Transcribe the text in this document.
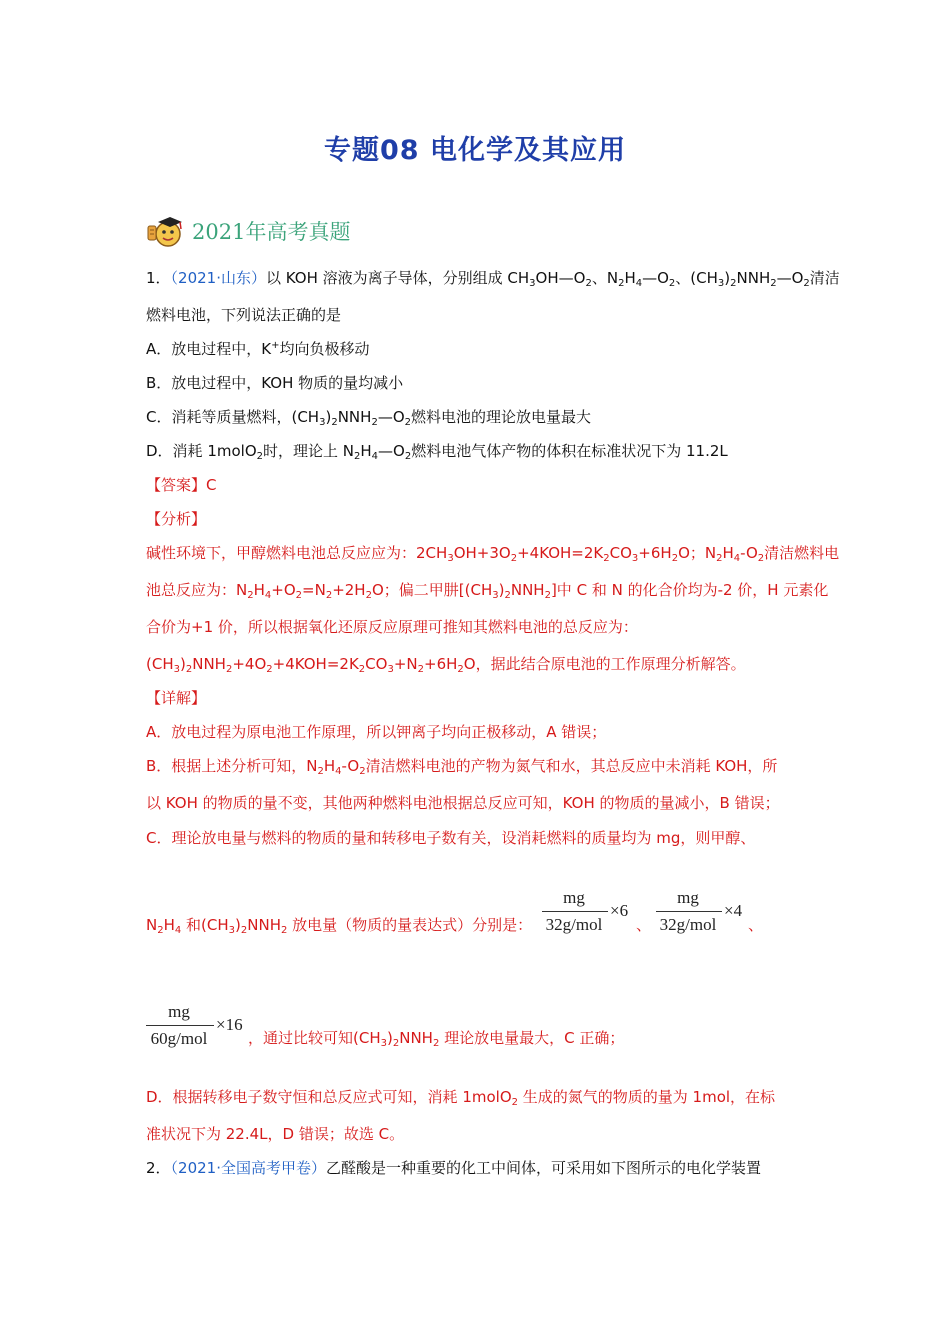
专题08 电化学及其应用
2021年高考真题
1．（2021·山东）以 KOH 溶液为离子导体，分别组成 $CH_3OH—O_2$、$N_2H_4—O_2$、$(CH_3)_2NNH_2—O_2$清洁
燃料电池，下列说法正确的是
A．放电过程中，K+均向负极移动
B．放电过程中，KOH 物质的量均减小
C．消耗等质量燃料，$(CH_3)_2NNH_2—O_2$燃料电池的理论放电量最大
D．消耗 1molO$_2$时，理论上 $N_2H_4—O_2$燃料电池气体产物的体积在标准状况下为 11.2L
【答案】C
【分析】
碱性环境下，甲醇燃料电池总反应应为：$2CH_3OH+3O_2+4KOH=2K_2CO_3+6H_2O$；$N_2H_4-O_2$清洁燃料电
池总反应为：$N_2H_4+O_2=N_2+2H_2O$；偏二甲肼$[(CH_3)_2NNH_2]$中 C 和 N 的化合价均为-2 价，H 元素化
合价为+1 价，所以根据氧化还原反应原理可推知其燃料电池的总反应为：
$(CH_3)_2NNH_2+4O_2+4KOH=2K_2CO_3+N_2+6H_2O$，据此结合原电池的工作原理分析解答。
【详解】
A．放电过程为原电池工作原理，所以钾离子均向正极移动，A 错误；
B．根据上述分析可知，$N_2H_4-O_2$清洁燃料电池的产物为氮气和水，其总反应中未消耗 KOH，所
以 KOH 的物质的量不变，其他两种燃料电池根据总反应可知，KOH 的物质的量减小，B 错误；
C．理论放电量与燃料的物质的量和转移电子数有关，设消耗燃料的质量均为 mg，则甲醇、
$N_2H_4$ 和$(CH_3)_2NNH_2$ 放电量（物质的量表达式）分别是：
mg
32g/mol
×6
、
mg
32g/mol
×4
、
mg
60g/mol
×16
，通过比较可知$(CH_3)_2NNH_2$ 理论放电量最大，C 正确；
D．根据转移电子数守恒和总反应式可知，消耗 1molO$_2$ 生成的氮气的物质的量为 1mol，在标
准状况下为 22.4L，D 错误；故选 C。
2．（2021·全国高考甲卷）乙醛酸是一种重要的化工中间体，可采用如下图所示的电化学装置
